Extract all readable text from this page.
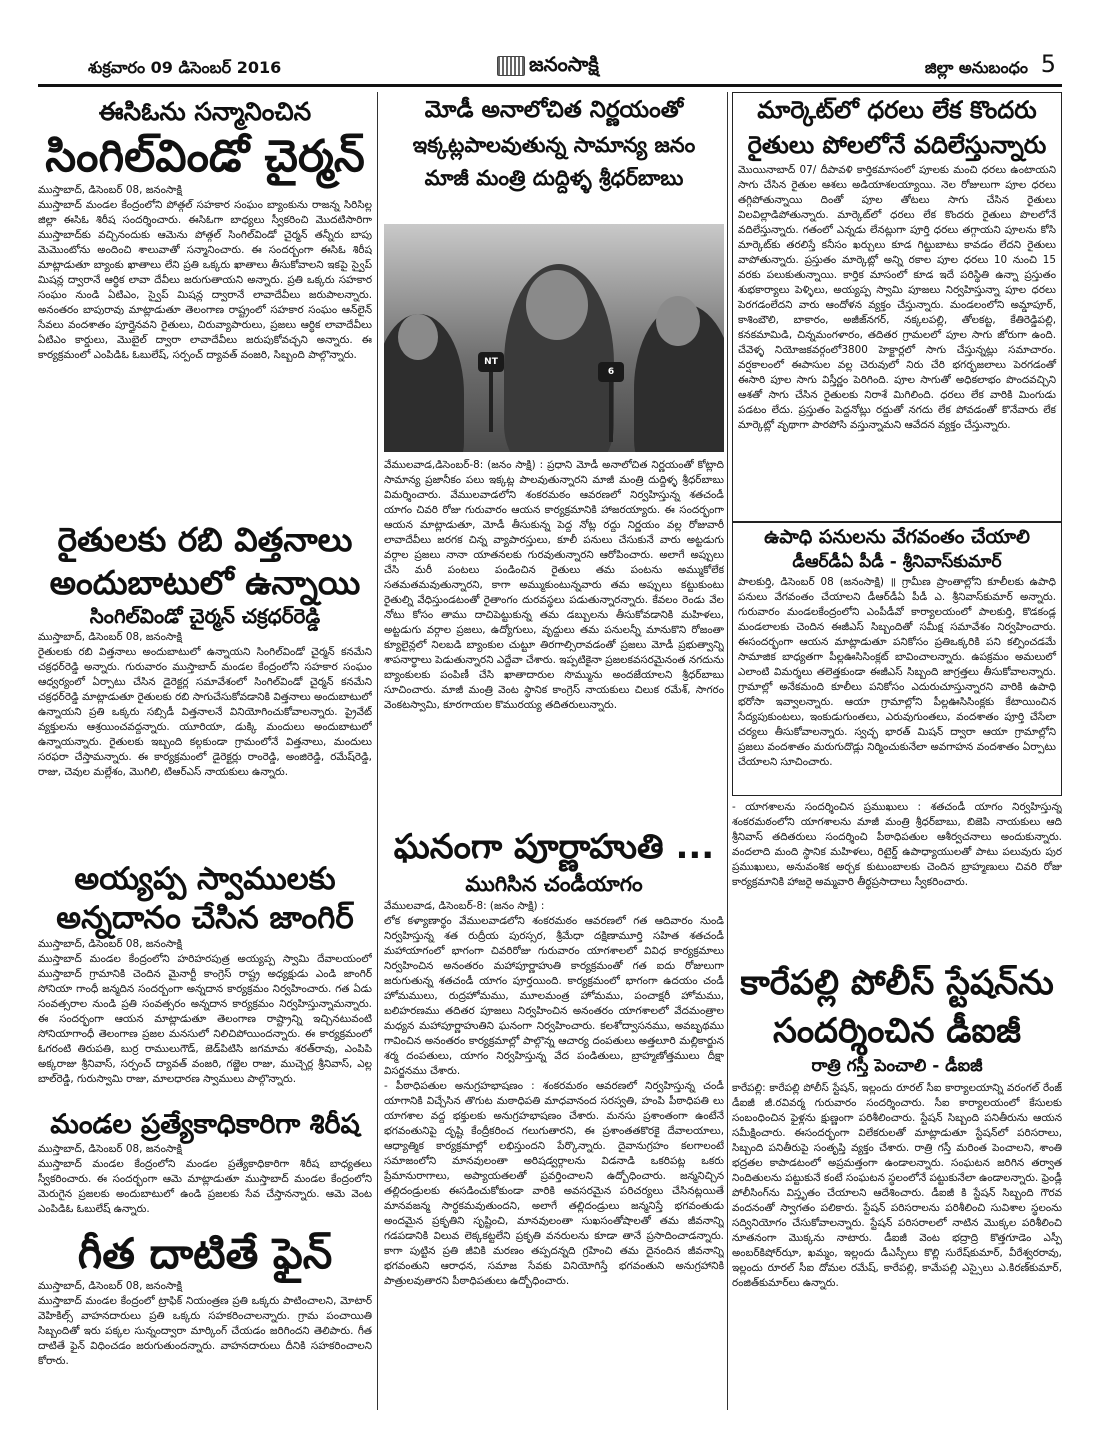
శుక్రవారం 09 డిసెంబర్ 2016	జనంసాక్షి	జిల్లా అనుబంధం 5
ఈసిఓను సన్మానించిన
సింగిల్‌విండో చైర్మన్

ముస్తాబాద్, డిసెంబర్ 08, జనంసాక్షి

ముస్తాబాద్ మండల కేంద్రంలోని పోత్గల్ సహకార సంఘం బ్యాంకును రాజన్న సిరిసిల్ల జిల్లా ఈసిఓ శిరీష సందర్శించారు. ఈసిఓగా బాధ్యలు స్వీకరించి మొదటిసారిగా ముస్తాబాద్‌కు వచ్చినందుకు ఆమెను పోత్గల్ సింగిల్‌విండో చైర్మన్ తన్నీరు బాపు మెమొంటోను అందించి శాలువాతో సన్మానించారు. ఈ సందర్బంగా ఈసిఓ శిరీష మాట్లాడుతూ బ్యాంకు ఖాతాలు లేని ప్రతి ఒక్కరు ఖాతాలు తీసుకోవాలని ఇకపై స్వైప్ మిషన్ల ద్వారానే ఆర్థిక లావా దేవీలు జరుగుతాయని అన్నారు. ప్రతి ఒక్కరు సహకార సంఘం నుండి ఏటిఎం, స్వైప్ మిషన్ల ద్వారానే లావాదేవీలు జరుపాలన్నారు. అనంతరం బాపురావు మాట్లాడుతూ తెలంగాణ రాష్ట్రంలో సహకార సంఘం ఆన్‌లైన్ సేవలు వందశాతం పూర్తైనవని రైతులు, చిరువ్యాపారులు, ప్రజలు ఆర్థిక లావాదేవీలు ఏటిఎం కార్డులు, మొబైల్ ద్వారా లావాదేవీలు జరుపుకోవచ్చని అన్నారు. ఈ కార్యక్రమంలో ఎంపిడిఓ ఓబులేష్, సర్పంచ్ ద్యావత్ వంజరి, సిబ్బంది పాల్గొన్నారు.

రైతులకు రబి విత్తనాలు
అందుబాటులో ఉన్నాయి

సింగిల్‌విండో చైర్మన్ చక్రధర్‌రెడ్డి

ముస్తాబాద్, డిసెంబర్ 08, జనంసాక్షి

రైతులకు రబి విత్తనాలు అందుబాటులో ఉన్నాయని సింగిల్‌విండో చైర్మన్ కనమేని చక్రధర్‌రెడ్డి అన్నారు. గురువారం ముస్తాబాద్ మండల కేంద్రంలోని సహకార సంఘం ఆధ్వర్యంలో ఏర్పాటు చేసిన డైరెక్టర్ల సమావేశంలో సింగిల్‌విండో చైర్మన్ కనమేని చక్రధర్‌రెడ్డి మాట్లాడుతూ రైతులకు రబి సాగుచేసుకోవడానికి విత్తనాలు అందుబాటులో ఉన్నాయని ప్రతి ఒక్కరు సబ్సిడీ విత్తనాలనే వినియోగించుకోవాలన్నారు. ప్రైవేట్ వ్యక్తులను ఆశ్రయించవద్దన్నారు. యూరియా, డుక్కి మందులు అందుబాటులో ఉన్నాయన్నారు. రైతులకు ఇబ్బంది కల్గకుండా గ్రామంలోనే విత్తనాలు, మందులు సరఫరా చేస్తామన్నారు. ఈ కార్యక్రమంలో డైరెక్టర్లు రాంరెడ్డి, అంజిరెడ్డి, రమేష్‌రెడ్డి, రాజు, చెవుల మల్లేశం, మొగిలి, టిఆర్ఎస్ నాయకులు ఉన్నారు.

అయ్యప్ప స్వాములకు
అన్నదానం చేసిన జాంగిర్

ముస్తాబాద్, డిసెంబర్ 08, జనంసాక్షి

ముస్తాబాద్ మండల కేంద్రంలోని హరిహరపుత్ర అయ్యప్ప స్వామి దేవాలయంలో ముస్తాబాద్ గ్రామానికి చెందిన మైనార్టీ కాంగ్రెస్ రాష్ట్ర అధ్యక్షుడు ఎండి జాంగిర్ సోనియా గాంధీ జన్మదిన సందర్బంగా అన్నదాన కార్యక్రమం నిర్వహించారు. గత ఏడు సంవత్సరాల నుండి ప్రతి సంవత్సరం అన్నదాన కార్యక్రమం నిర్వహిస్తున్నామన్నారు. ఈ సందర్భంగా ఆయన మాట్లాడుతూ తెలంగాణ రాష్ట్రాన్ని ఇచ్చినటువంటి సోనియాగాంధీ తెలంగాణ ప్రజల మనసులో నిలిచిపోయిందన్నారు. ఈ కార్యక్రమంలో ఓగరంటి తిరుపతి, బుర్ర రాములుగౌడ్, జెడ్‌పిటిసి జగమామ శరత్‌రావు, ఎంపిపి అక్కరాజు శ్రీనివాస్, సర్పంచ్ ద్యావత్ వంజరి, గజ్జెల రాజు, ముచ్చెర్ల శ్రీనివాస్, ఎల్ల బాల్‌రెడ్డి, గురుస్వామి రాజు, మాలధారణ స్వాములు పాల్గొన్నారు.

మండల ప్రత్యేకాధికారిగా శిరీష

ముస్తాబాద్, డిసెంబర్ 08, జనంసాక్షి

ముస్తాబాద్ మండల కేంద్రంలోని మండల ప్రత్యేకాధికారిగా శిరీష బాధ్యతలు స్వీకరించారు. ఈ సందర్భంగా ఆమె మాట్లాడుతూ ముస్తాబాద్ మండల కేంద్రంలోని మెరుగైన ప్రజలకు అందుబాటులో ఉండి ప్రజలకు సేవ చేస్తానన్నారు. ఆమె వెంట ఎంపిడిఓ ఓబులేష్ ఉన్నారు.

గీత దాటితే ఫైన్

ముస్తాబాద్, డిసెంబర్ 08, జనంసాక్షి

ముస్తాబాద్ మండల కేంద్రంలో ట్రాఫిక్ నియంత్రణ ప్రతి ఒక్కరు పాటించాలని, మోటార్ వెహికిల్స్ వాహనదారులు ప్రతి ఒక్కరు సహకరించాలన్నారు. గ్రామ పంచాయితి సిబ్బందితో ఇరు పక్కల సున్నంద్వారా మార్కింగ్ చేయడం జరిగిందని తెలిపారు. గీత దాటితే ఫైన్ విధించడం జరుగుతుందన్నారు. వాహనదారులు దీనికి సహకరించాలని కోరారు.

మోడీ అనాలోచిత నిర్ణయంతో
ఇక్కట్లపాలవుతున్న సామాన్య జనం
మాజీ మంత్రి దుద్దిళ్ళ శ్రీధర్‌బాబు
NT
6

వేములవాడ,డిసెంబర్-8: (జనం సాక్షి) : ప్రధాని మోడీ అనాలోచిత నిర్ణయంతో కోట్లాది సామాన్య ప్రజానీకం పలు ఇక్కట్ల పాలవుతున్నారని మాజీ మంత్రి దుద్దిళ్ళ శ్రీధర్‌బాబు విమర్శించారు. వేములవాడలోని శంకరమఠం ఆవరణలో నిర్వహిస్తున్న శతచండీ యాగం చివరి రోజు గురువారం ఆయన కార్యక్రమానికి హాజరయ్యారు. ఈ సందర్భంగా ఆయన మాట్లాడుతూ, మోడీ తీసుకున్న పెద్ద నోట్ల రద్దు నిర్ణయం వల్ల రోజువారీ లావాదేవీలు జరగక చిన్న వ్యాపారస్తులు, కూలీ పనులు చేసుకునే వారు అట్టడుగు వర్గాల ప్రజలు నానా యాతనలకు గురవుతున్నారని ఆరోపించారు. అలాగే అప్పులు చేసి మరీ పంటలు పండించిన రైతులు తమ పంటను అమ్ముకోలేక సతమతమవుతున్నారని, కాగా అమ్ముకుంటున్నవారు తమ అప్పులు కట్టుకుంటు రైతుల్ని వేధిస్తుండటంతో రైతాంగం దురవస్థలు పడుతున్నారన్నారు. కేవలం రెండు వేల నోటు కోసం తాము దాచిపెట్టుకున్న తమ డబ్బులను తీసుకోవడానికి మహిళలు, అట్టడుగు వర్గాల ప్రజలు, ఉద్యోగులు, వృద్దులు తమ పనులన్నీ మానుకొని రోజంతా క్యూలైన్లలో నిలబడి బ్యాంకుల చుట్టూ తిరగాల్సిరావడంతో ప్రజలు మోడీ ప్రభుత్వాన్ని శాపనార్థాలు పెడుతున్నారని ఎద్దేవా చేశారు. ఇప్పటికైనా ప్రజలకవసరమైనంత నగదును బ్యాంకులకు పంపిణీ చేసి ఖాతాదారుల సొమ్మును అందజేయాలని శ్రీధర్‌బాబు సూచించారు. మాజీ మంత్రి వెంట స్థానిక కాంగ్రెస్ నాయకులు చిలుక రమేశ్, సాగరం వెంకటస్వామి, కూరగాయల కొమురయ్య తదితరులున్నారు.

ఘనంగా పూర్ణాహుతి ...

ముగిసిన చండీయాగం

వేములవాడ, డిసెంబర్-8: (జనం సాక్షి) :

లోక కళ్యాణార్థం వేములవాడలోని శంకరమఠం ఆవరణలో గత ఆదివారం నుండి నిర్వహిస్తున్న శత రుద్రీయ పురస్సర, శ్రీమేధా దక్షిణామూర్తి సహిత శతచండీ మహాయాగంలో భాగంగా చివరిరోజు గురువారం యాగశాలలో వివిధ కార్యక్రమాలు నిర్వహించిన అనంతరం మహాపూర్ణాహుతి కార్యక్రమంతో గత ఐదు రోజులుగా జరుగుతున్న శతచండీ యాగం పూర్తయింది. కార్యక్రమంలో భాగంగా ఉదయం చండీ హోమములు, రుద్రహోమము, మూలమంత్ర హోమము, పంచాక్షరీ హోమము, బలిహరణము తదితర పూజలు నిర్వహించిన అనంతరం యాగశాలలో వేదమంత్రాల మధ్యన మహాపూర్ణాహుతిని ఘనంగా నిర్వహించారు. కలశోద్వాసనము, అవబృథము గావించిన అనంతరం కార్యక్రమాల్లో పాల్గొన్న ఆచార్య దంపతులు అత్తలూరి మల్లికార్జున శర్మ దంపతులు, యాగం నిర్వహిస్తున్న వేద పండితులు, బ్రాహ్మణోత్తములు దీక్షా విసర్జనము చేశారు.
- పీఠాధిపతుల అనుగ్రహభాషణం : శంకరమఠం ఆవరణలో నిర్వహిస్తున్న చండీ యాగానికి విచ్చేసిన తొగుట మఠాధిపతి మాధవానంద సరస్వతి, హంపి పీఠాధిపతి లు యాగశాల వద్ద భక్తులకు అనుగ్రహభాషణం చేశారు. మనసు ప్రశాంతంగా ఉంటేనే భగవంతునిపై దృష్టి కేంద్రీకరించ గలుగుతారని, ఈ ప్రశాంతతకొరకై దేవాలయాలు, ఆధ్యాత్మిక కార్యక్రమాల్లో లభిస్తుందని పేర్కొన్నారు. దైవానుగ్రహం కలగాలంటే సమాజంలోని మానవులంతా అరిషడ్వర్గాలను విడనాడి ఒకరిపట్ల ఒకరు ప్రేమానురాగాలు, అప్యాయతలతో ప్రవర్తించాలని ఉద్బోధించారు. జన్మనిచ్చిన తల్లిదండ్రులకు ఈసడించుకోకుండా వారికి అవసరమైన పరిచర్యలు చేసినట్లయితే మానవజన్మ సార్థకమవుతుందని, అలాగే తల్లిదండ్రులు జన్మనిస్తే భగవంతుడు అందమైన ప్రకృతిని సృష్టించి, మానవులంతా సుఖసంతోషాలతో తమ జీవనాన్ని గడపడానికి విలువ లెక్కకట్టలేని ప్రకృతి వనరులను కూడా తానే ప్రసాదించాడన్నారు. కాగా పుట్టిన ప్రతి జీవికి మరణం తప్పదన్నది గ్రహించి తమ దైనందిన జీవనాన్ని భగవంతుని ఆరాధన, సమాజ సేవకు వినియోగిస్తే భగవంతుని అనుగ్రహానికి పాత్రులవుతారని పీఠాధిపతులు ఉద్బోధించారు.

మార్కెట్‌లో ధరలు లేక కొందరు
రైతులు పోలలోనే వదిలేస్తున్నారు

మొయినాబాద్ 07/ దీపావళి కార్తికమాసంలో పూలకు మంచి ధరలు ఉంటాయని సాగు చేసిన రైతుల ఆశలు అడియాశలయ్యాయి. నెల రోజులుగా పూల ధరలు తగ్గిపోతున్నాయి దింతో పూల తోటలు సాగు చేసిన రైతులు విలవిల్లాడిపోతున్నారు. మార్కెట్‌లో ధరలు లేక కొందరు రైతులు పొలలోనే వదిలేస్తున్నారు. గతంలో ఎన్నడు లేనట్లుగా పూర్తి ధరలు తగ్గాయని పూలను కోసి మార్కెట్‌కు తరలిస్తే కనీసం ఖర్చులు కూడ గిట్టుబాటు కావడం లేదని రైతులు వాపోతున్నారు. ప్రస్తుతం మార్కెట్లో అన్ని రకాల పూల ధరలు 10 నుంచి 15 వరకు పలుకుతున్నాయి. కార్తిక మాసంలో కూడ ఇదే పరిస్థితి ఉన్నా ప్రస్తుతం శుభకార్యాలు పెళ్ళిలు, అయ్యప్ప స్వామి పూజలు నిర్వహిస్తున్నా పూల ధరలు పెరగడంలేదని వారు ఆందోళన వ్యక్తం చేస్తున్నారు. మండలంలోని అమ్డాపూర్, కాశింబౌలి, బాకారం, అజీజ్‌నగర్, నక్కలపల్లి, తోలకట్ట, కేతిరెడ్డిపల్లి, కనకమామిడి, చిన్నమంగళారం, తదితర గ్రామలలో పూల సాగు జోరుగా ఉంది. చేవెళ్ళ నియోజకవర్గంలో3800 హెక్టార్లలో సాగు చేస్తున్నట్లు సమాచారం. వర్షకాలంలో ఈపాసుల వల్ల చెరువులో నిరు చేరి భగర్భజలాలు పెరగడంతో ఈసారి పూల సాగు విస్తీర్ణం పెరిగింది. పూల సాగుతో అధికలాభం పొందవచ్చిని ఆశతో సాగు చేసిన రైతులకు నిరాశే మిగిలింది. ధరలు లేక వారికి మింగుడు పడటం లేదు. ప్రస్తుతం పెద్దనోట్లు రద్దుతో నగదు లేక పోవడంతో కొనేవారు లేక మార్కెట్లో వృథాగా పారపోసి వస్తున్నామని ఆవేదన వ్యక్తం చేస్తున్నారు.

ఉపాధి పనులను వేగవంతం చేయాలి

డీఆర్‌డీఏ పీడీ - శ్రీనివాస్‌కుమార్

పాలకుర్తి, డిసెంబర్ 08 (జనంసాక్షి) ॥ గ్రామీణ ప్రాంతాల్లోని కూలీలకు ఉపాధి పనులు వేగవంతం చేయాలని డీఆర్‌డీఏ పీడీ ఎ. శ్రీనివాస్‌కుమార్ అన్నారు. గురువారం మండలకేంద్రంలోని ఎంపీడీవో కార్యాలయంలో పాలకుర్తి, కొడకండ్ల మండలాలకు చెందిన ఈజీఎస్ సిబ్బందితో సమీక్ష సమావేశం నిర్వహించారు. ఈసందర్భంగా ఆయన మాట్లాడుతూ పనికోసం ప్రతిఒక్కరికి పని కల్పించడమే సామాజిక బాధ్యతగా పీల్లఊసిసింక్లట్ బావించాలన్నారు. ఉపక్రమం అమలులో ఎలాంటి విమర్శలు తలెత్తకుండా ఈజీఎస్ సిబ్బంది జాగ్రత్తలు తీసుకోవాలన్నారు. గ్రామాల్లో అనేకమంది కూలీలు పనికోసం ఎదురుచూస్తున్నారని వారికి ఉపాధి భరోసా ఇవ్వాలన్నారు. ఆయా గ్రామాల్లోని పీల్లఊసిసింక్లకు కేటాయించిన సేద్యపుకుంటలు, ఇంకుడుగుంతలు, ఎరువుగుంతలు, వందశాతం పూర్తి చేసేలా చర్యలు తీసుకోవాలన్నారు. స్వచ్ఛ భారత్ మిషన్ ద్వారా ఆయా గ్రామాల్లోని ప్రజలు వందశాతం మరుగుదొడ్లు నిర్మించుకునేలా అవగాహన వందశాతం ఏర్పాటు చేయాలని సూచించారు.

- యాగశాలను సందర్శించిన ప్రముఖులు : శతచండీ యాగం నిర్వహిస్తున్న శంకరమఠంలోని యాగశాలను మాజీ మంత్రి శ్రీధర్‌బాబు, బిజెపి నాయకులు ఆది శ్రీనివాస్ తదితరులు సందర్శించి పీఠాధిపతుల ఆశీర్వచనాలు అందుకున్నారు. వందలాది మంది స్థానిక మహిళలు, రిటైర్డ్ ఉపాధ్యాయులతో పాటు పలువురు పుర ప్రముఖులు, అనువంశిక అర్చక కుటుంబాలకు చెందిన బ్రాహ్మణులు చివరి రోజు కార్యక్రమానికి హాజరై అమ్మవారి తీర్థప్రసాదాలు స్వీకరించారు.

కారేపల్లి పోలీస్ స్టేషన్‌ను
సందర్శించిన డీఐజీ

రాత్రి గస్తీ పెంచాలి - డీఐజీ

కారేపల్లి: కారేపల్లి పోలీస్ స్టేషన్, ఇల్లందు రూరల్ సీఐ కార్యాలయాన్ని వరంగల్ రేంజ్ డీఐజీ జీ.రవివర్మ గురువారం సందర్శించారు. సీఐ కార్యాలయంలో కేసులకు సంబంధించిన ఫైళ్లను క్షుణ్ణంగా పరిశీలించారు. స్టేషన్ సిబ్బంది పనితీరును ఆయన సమీక్షించారు. ఈసందర్భంగా విలేకరులతో మాట్లాడుతూ స్టేషన్‌లో పరిసరాలు, సిబ్బంది పనితీరుపై సంతృప్తి వ్యక్తం చేశారు. రాత్రి గస్తీ మరింత పెంచాలని, శాంతి భద్రతల కాపాడటంలో అప్రమత్తంగా ఉండాలన్నారు. సంఘటన జరిగిన తర్వాత నిందితులను పట్టుకునే కంటే సంఘటన స్థలంలోనే పట్టుకునేలా ఉండాలన్నారు. ఫ్రెండ్లీ పోలీసింగ్‌ను విస్తృతం చేయాలని ఆదేశించారు. డీఐజీ కి స్టేషన్ సిబ్బంది గౌరవ వందనంతో స్వాగతం పలికారు. స్టేషన్ పరిసరాలను పరిశీలించి సువిశాల స్థలంను సద్వినియోగం చేసుకోవాలన్నారు. స్టేషన్ పరిసరాలలో నాటిన మొక్కల పరిశీలించి నూతనంగా మొక్కను నాటారు. డీఐజీ వెంట భద్రాద్రి కొత్తగూడెం ఎస్పీ అంబర్‌కిషోర్‌ఝా, ఖమ్మం, ఇల్లందు డీఎస్పీలు కొల్లి సురేష్‌కుమార్, వీరేశ్వరరావు, ఇల్లందు రూరల్ సీఐ దోమల రమేష్, కారేపల్లి, కామేపల్లి ఎస్సైలు ఎ.కిరణ్‌కుమార్, రంజిత్‌కుమార్‌లు ఉన్నారు.
